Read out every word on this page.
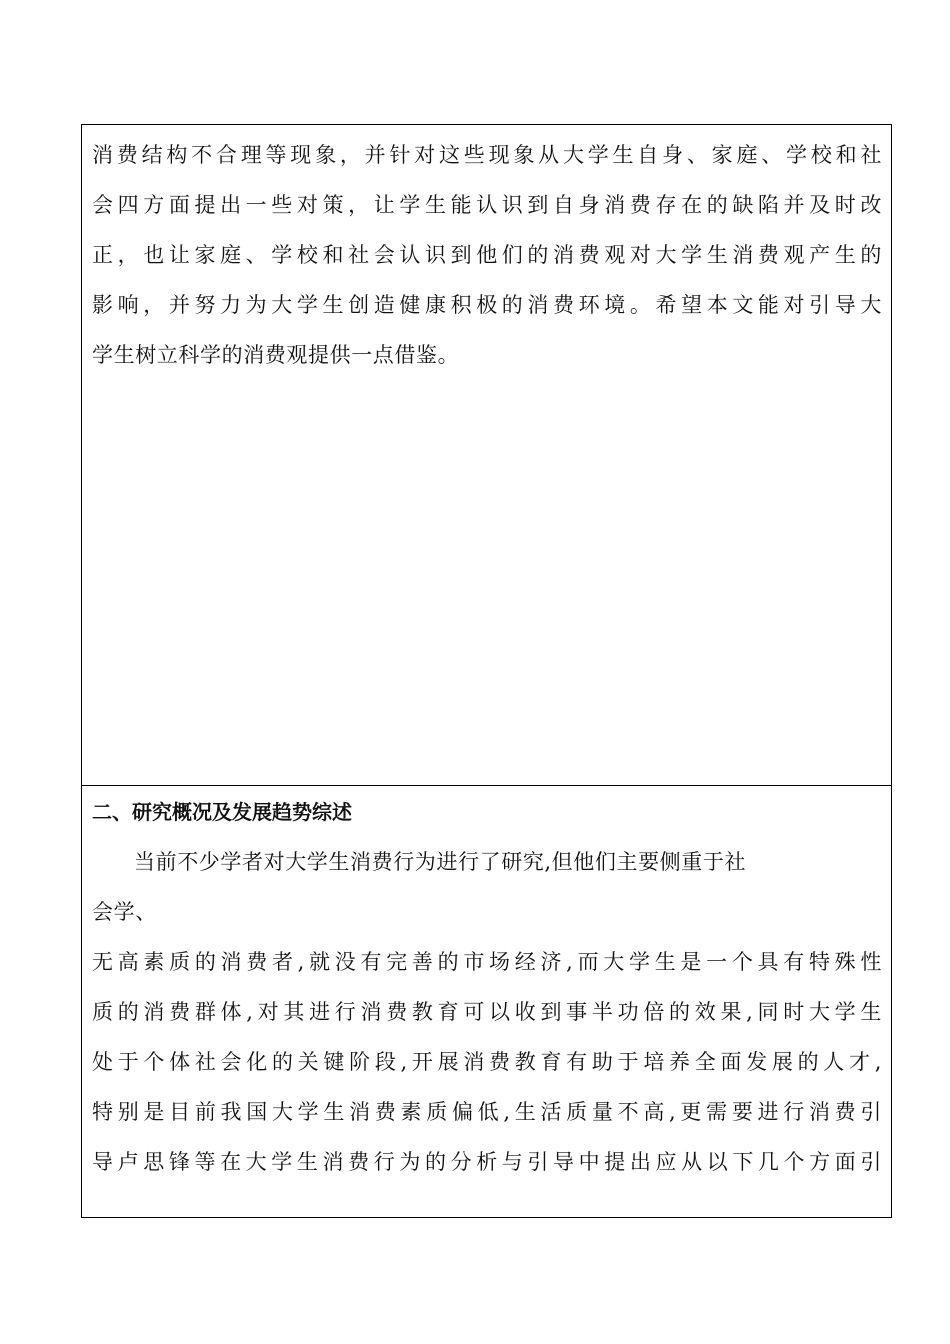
消费结构不合理等现象，并针对这些现象从大学生自身、家庭、学校和社
会四方面提出一些对策，让学生能认识到自身消费存在的缺陷并及时改
正，也让家庭、学校和社会认识到他们的消费观对大学生消费观产生的
影响，并努力为大学生创造健康积极的消费环境。希望本文能对引导大
学生树立科学的消费观提供一点借鉴。
二、研究概况及发展趋势综述
当前不少学者对大学生消费行为进行了研究,但他们主要侧重于社
会学、
无高素质的消费者,就没有完善的市场经济,而大学生是一个具有特殊性
质的消费群体,对其进行消费教育可以收到事半功倍的效果,同时大学生
处于个体社会化的关键阶段,开展消费教育有助于培养全面发展的人才,
特别是目前我国大学生消费素质偏低,生活质量不高,更需要进行消费引
导卢思锋等在大学生消费行为的分析与引导中提出应从以下几个方面引
